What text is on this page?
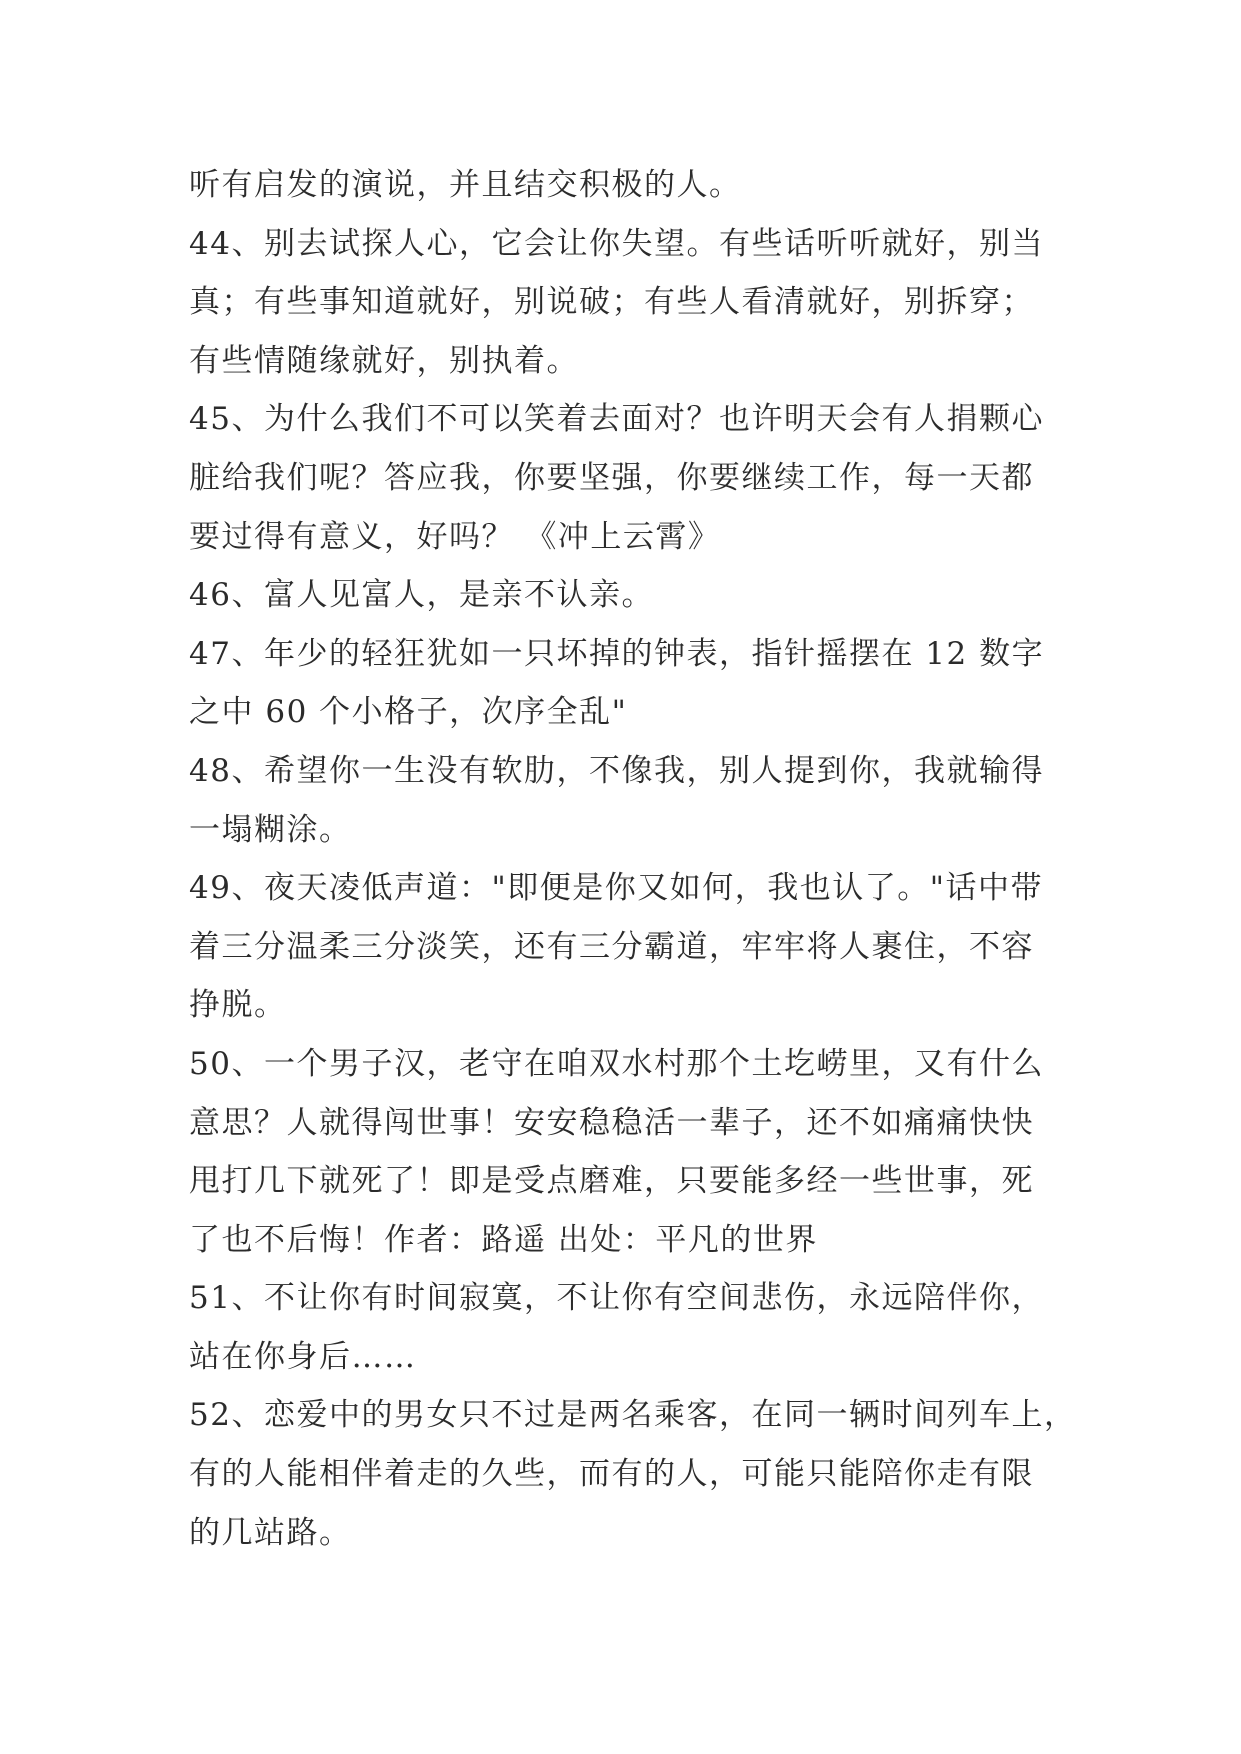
听有启发的演说，并且结交积极的人。
44、别去试探人心，它会让你失望。有些话听听就好，别当
真；有些事知道就好，别说破；有些人看清就好，别拆穿；
有些情随缘就好，别执着。
45、为什么我们不可以笑着去面对？也许明天会有人捐颗心
脏给我们呢？答应我，你要坚强，你要继续工作，每一天都
要过得有意义，好吗？ 《冲上云霄》
46、富人见富人，是亲不认亲。
47、年少的轻狂犹如一只坏掉的钟表，指针摇摆在 12 数字
之中 60 个小格子，次序全乱"
48、希望你一生没有软肋，不像我，别人提到你，我就输得
一塌糊涂。
49、夜天凌低声道："即便是你又如何，我也认了。"话中带
着三分温柔三分淡笑，还有三分霸道，牢牢将人裹住，不容
挣脱。
50、一个男子汉，老守在咱双水村那个土圪崂里，又有什么
意思？人就得闯世事！安安稳稳活一辈子，还不如痛痛快快
甩打几下就死了！即是受点磨难，只要能多经一些世事，死
了也不后悔！作者：路遥 出处：平凡的世界
51、不让你有时间寂寞，不让你有空间悲伤，永远陪伴你，
站在你身后……
52、恋爱中的男女只不过是两名乘客，在同一辆时间列车上，
有的人能相伴着走的久些，而有的人，可能只能陪你走有限
的几站路。
